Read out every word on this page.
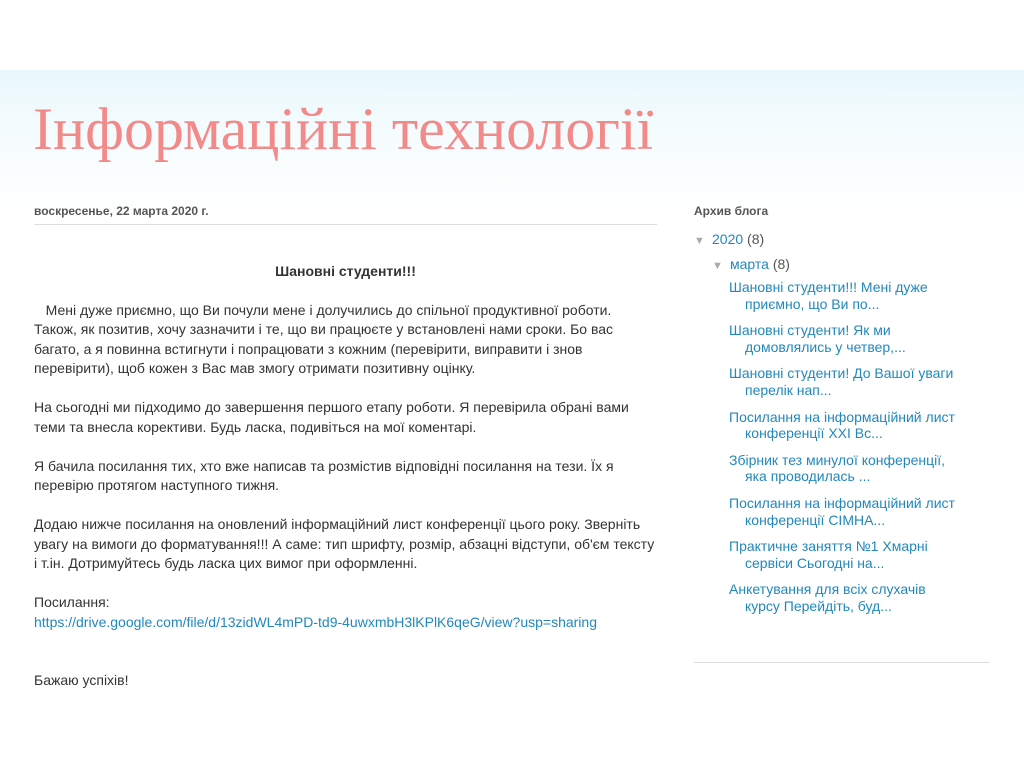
Інформаційні технології
воскресенье, 22 марта 2020 г.
Шановні студенти!!!

Мені дуже приємно, що Ви почули мене і долучились до спільної продуктивної роботи. Також, як позитив, хочу зазначити і те, що ви працюєте у встановлені нами сроки. Бо вас багато, а я повинна встигнути і попрацювати з кожним (перевірити, виправити і знов перевірити), щоб кожен з Вас мав змогу отримати позитивну оцінку.

На сьогодні ми підходимо до завершення першого етапу роботи. Я перевірила обрані вами теми та внесла корективи. Будь ласка, подивіться на мої коментарі.

Я бачила посилання тих, хто вже написав та розмістив відповідні посилання на тези. Їх я перевірю протягом наступного тижня.

Додаю нижче посилання на оновлений інформаційний лист конференції цього року. Зверніть увагу на вимоги до форматування!!! А саме: тип шрифту, розмір, абзацні відступи, об'єм тексту і т.ін. Дотримуйтесь будь ласка цих вимог при оформленні.

Посилання:

https://drive.google.com/file/d/13zidWL4mPD-td9-4uwxmbH3lKPlK6qeG/view?usp=sharing

Бажаю успіхів!

Архив блога
▼ 2020 (8)
▼ марта (8)
Шановні студенти!!! Мені дуже приємно, що Ви по...
Шановні студенти! Як ми домовлялись у четвер,...
Шановні студенти! До Вашої уваги перелік нап...
Посилання на інформаційний лист конференції XXI Вс...
Збірник тез минулої конференції, яка проводилась ...
Посилання на інформаційний лист конференції СІМНА...
Практичне заняття №1 Хмарні сервіси Сьогодні на...
Анкетування для всіх слухачів курсу Перейдіть, буд...
